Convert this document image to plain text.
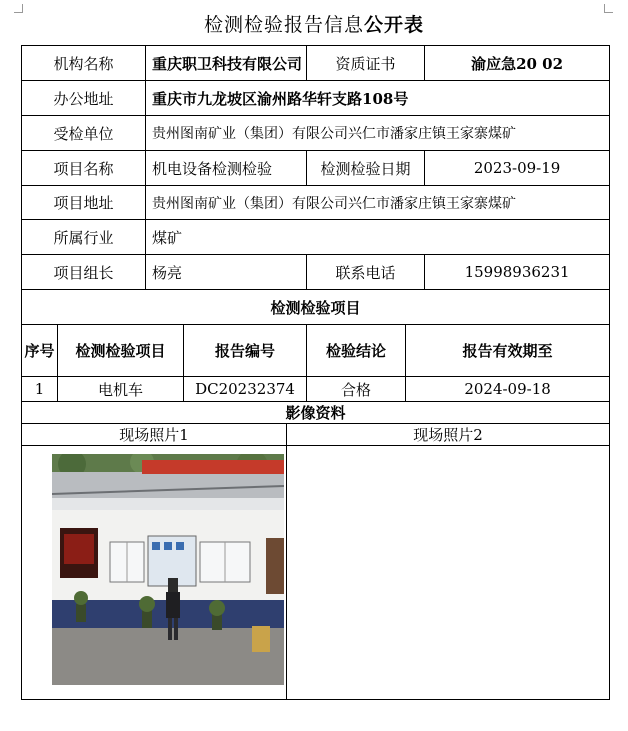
检测检验报告信息公开表
机构名称		重庆职卫科技有限公司			资质证书		渝应急20 02
办公地址		重庆市九龙坡区渝州路华轩支路108号					
受检单位		贵州图南矿业（集团）有限公司兴仁市潘家庄镇王家寨煤矿					
项目名称		机电设备检测检验			检测检验日期		2023-09-19
项目地址		贵州图南矿业（集团）有限公司兴仁市潘家庄镇王家寨煤矿					
所属行业		煤矿					
项目组长		杨亮			联系电话		15998936231
检测检验项目							
序号	检测检验项目		报告编号		检验结论	报告有效期至	
1	电机车		DC20232374		合格	2024-09-18	
影像资料							
现场照片1				现场照片2			
